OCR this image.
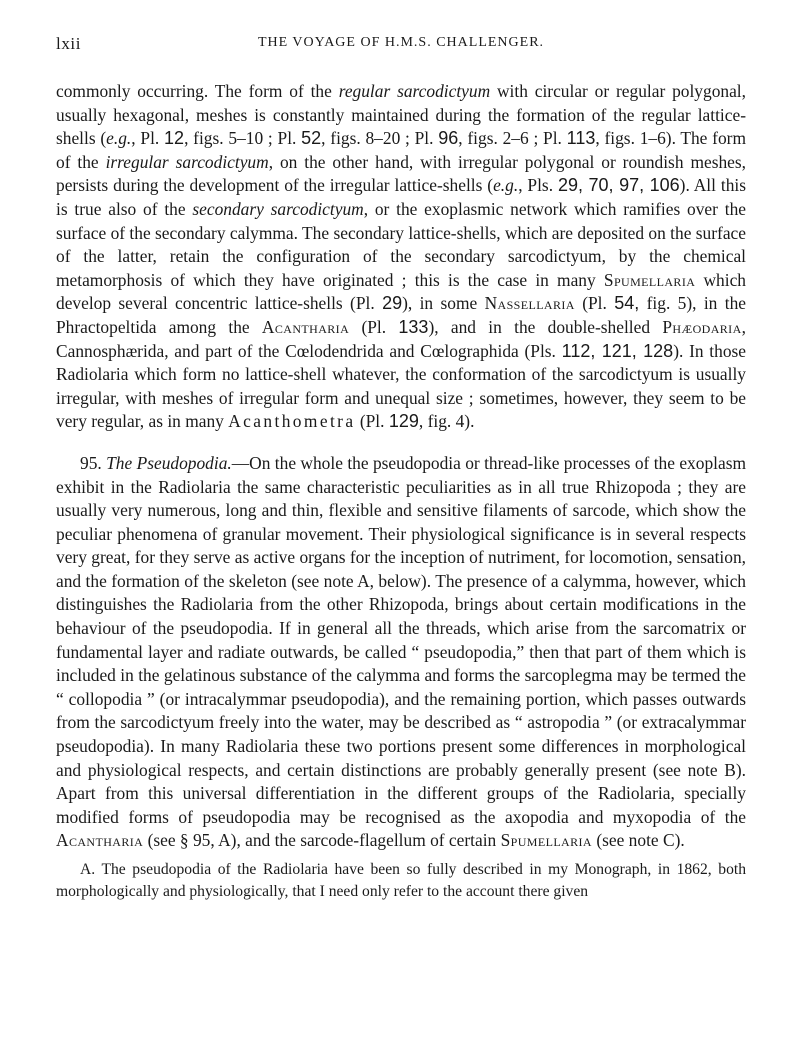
lxii	THE VOYAGE OF H.M.S. CHALLENGER.

commonly occurring. The form of the regular sarcodictyum with circular or regular polygonal, usually hexagonal, meshes is constantly maintained during the formation of the regular lattice-shells (e.g., Pl. 12, figs. 5–10 ; Pl. 52, figs. 8–20 ; Pl. 96, figs. 2–6 ; Pl. 113, figs. 1–6). The form of the irregular sarcodictyum, on the other hand, with irregular polygonal or roundish meshes, persists during the development of the irregular lattice-shells (e.g., Pls. 29, 70, 97, 106). All this is true also of the secondary sarcodictyum, or the exoplasmic network which ramifies over the surface of the secondary calymma. The secondary lattice-shells, which are deposited on the surface of the latter, retain the configuration of the secondary sarcodictyum, by the chemical metamorphosis of which they have originated ; this is the case in many Spumellaria which develop several concentric lattice-shells (Pl. 29), in some Nassellaria (Pl. 54, fig. 5), in the Phractopeltida among the Acantharia (Pl. 133), and in the double-shelled Phæodaria, Cannosphærida, and part of the Cœlodendrida and Cœlographida (Pls. 112, 121, 128). In those Radiolaria which form no lattice-shell whatever, the conformation of the sarcodictyum is usually irregular, with meshes of irregular form and unequal size ; sometimes, however, they seem to be very regular, as in many Acanthometra (Pl. 129, fig. 4).

95. The Pseudopodia.—On the whole the pseudopodia or thread-like processes of the exoplasm exhibit in the Radiolaria the same characteristic peculiarities as in all true Rhizopoda ; they are usually very numerous, long and thin, flexible and sensitive filaments of sarcode, which show the peculiar phenomena of granular movement. Their physiological significance is in several respects very great, for they serve as active organs for the inception of nutriment, for locomotion, sensation, and the formation of the skeleton (see note A, below). The presence of a calymma, however, which distinguishes the Radiolaria from the other Rhizopoda, brings about certain modifications in the behaviour of the pseudopodia. If in general all the threads, which arise from the sarcomatrix or fundamental layer and radiate outwards, be called “ pseudopodia,” then that part of them which is included in the gelatinous substance of the calymma and forms the sarcoplegma may be termed the “ collopodia ” (or intracalymmar pseudopodia), and the remaining portion, which passes outwards from the sarcodictyum freely into the water, may be described as “ astropodia ” (or extracalymmar pseudopodia). In many Radiolaria these two portions present some differences in morphological and physiological respects, and certain distinctions are probably generally present (see note B). Apart from this universal differentiation in the different groups of the Radiolaria, specially modified forms of pseudopodia may be recognised as the axopodia and myxopodia of the Acantharia (see § 95, A), and the sarcode-flagellum of certain Spumellaria (see note C).

A. The pseudopodia of the Radiolaria have been so fully described in my Monograph, in 1862, both morphologically and physiologically, that I need only refer to the account there given
